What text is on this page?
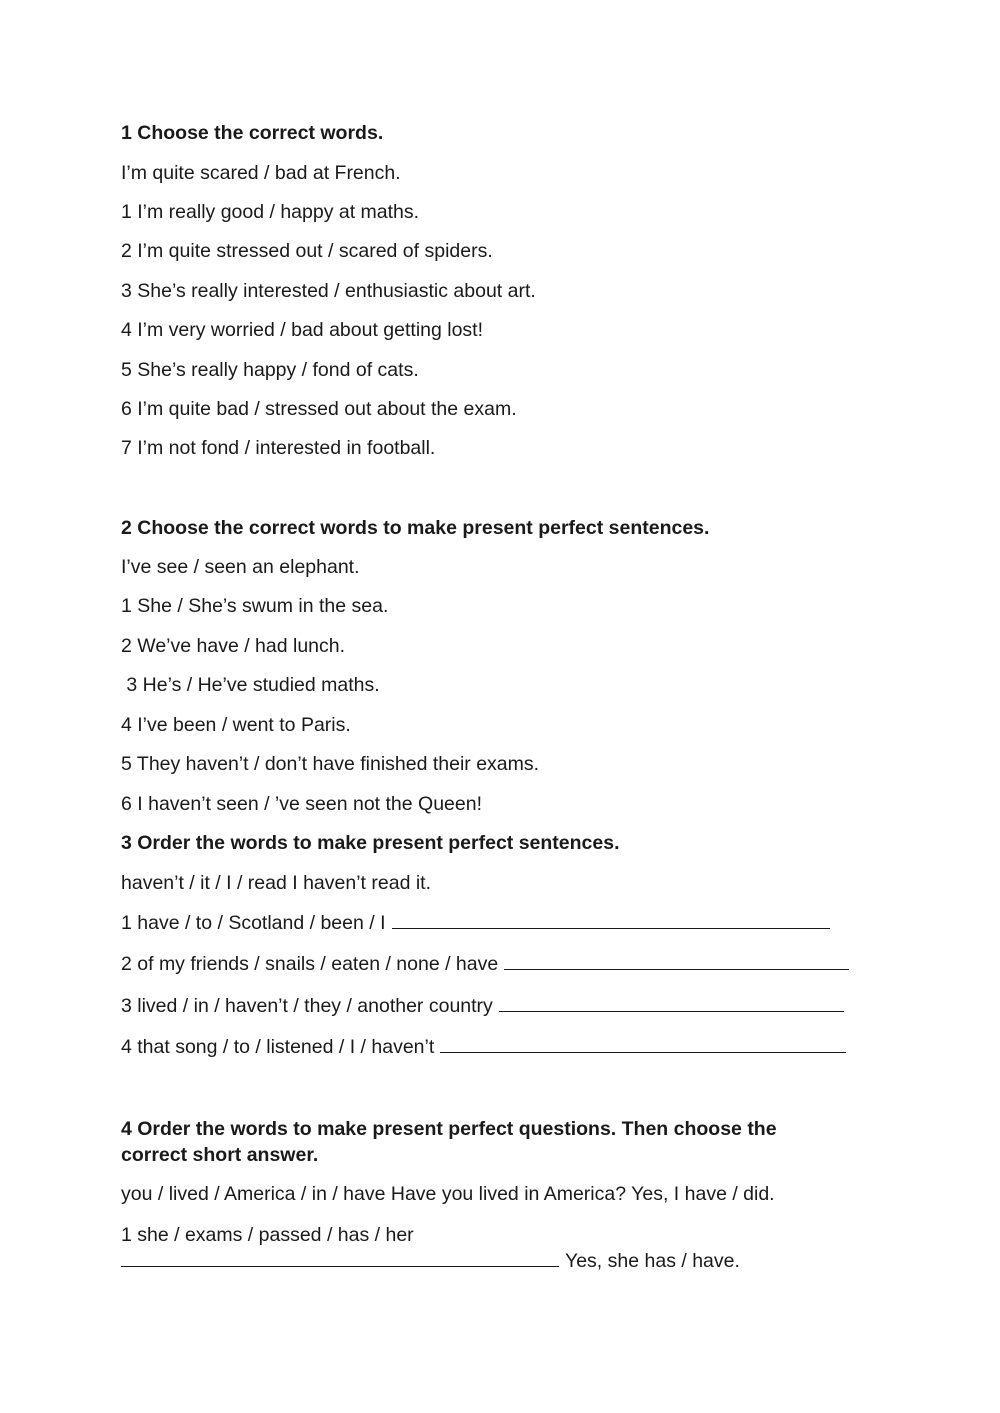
1 Choose the correct words.
I’m quite scared / bad at French.
1 I’m really good / happy at maths.
2 I’m quite stressed out / scared of spiders.
3 She’s really interested / enthusiastic about art.
4 I’m very worried / bad about getting lost!
5 She’s really happy / fond of cats.
6 I’m quite bad / stressed out about the exam.
7 I’m not fond / interested in football.
2 Choose the correct words to make present perfect sentences.
I’ve see / seen an elephant.
1 She / She’s swum in the sea.
2 We’ve have / had lunch.
3 He’s / He’ve studied maths.
4 I’ve been / went to Paris.
5 They haven’t / don’t have finished their exams.
6 I haven’t seen / ’ve seen not the Queen!
3 Order the words to make present perfect sentences.
haven’t / it / I / read I haven’t read it.
1 have / to / Scotland / been / I
2 of my friends / snails / eaten / none / have
3 lived / in / haven’t / they / another country
4 that song / to / listened / I / haven’t
4 Order the words to make present perfect questions. Then choose the
correct short answer.
you / lived / America / in / have Have you lived in America? Yes, I have / did.
1 she / exams / passed / has / her
Yes, she has / have.
